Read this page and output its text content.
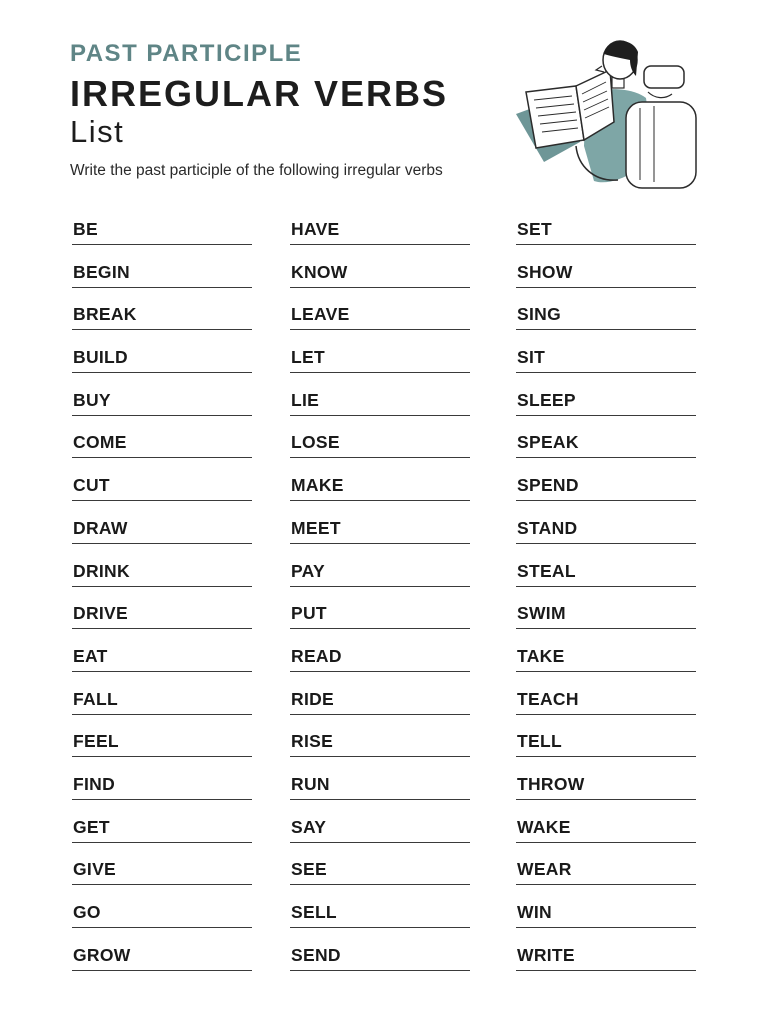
PAST PARTICIPLE
IRREGULAR VERBS
List
Write the past participle of the following irregular verbs
BE
BEGIN
BREAK
BUILD
BUY
COME
CUT
DRAW
DRINK
DRIVE
EAT
FALL
FEEL
FIND
GET
GIVE
GO
GROW
HAVE
KNOW
LEAVE
LET
LIE
LOSE
MAKE
MEET
PAY
PUT
READ
RIDE
RISE
RUN
SAY
SEE
SELL
SEND
SET
SHOW
SING
SIT
SLEEP
SPEAK
SPEND
STAND
STEAL
SWIM
TAKE
TEACH
TELL
THROW
WAKE
WEAR
WIN
WRITE
